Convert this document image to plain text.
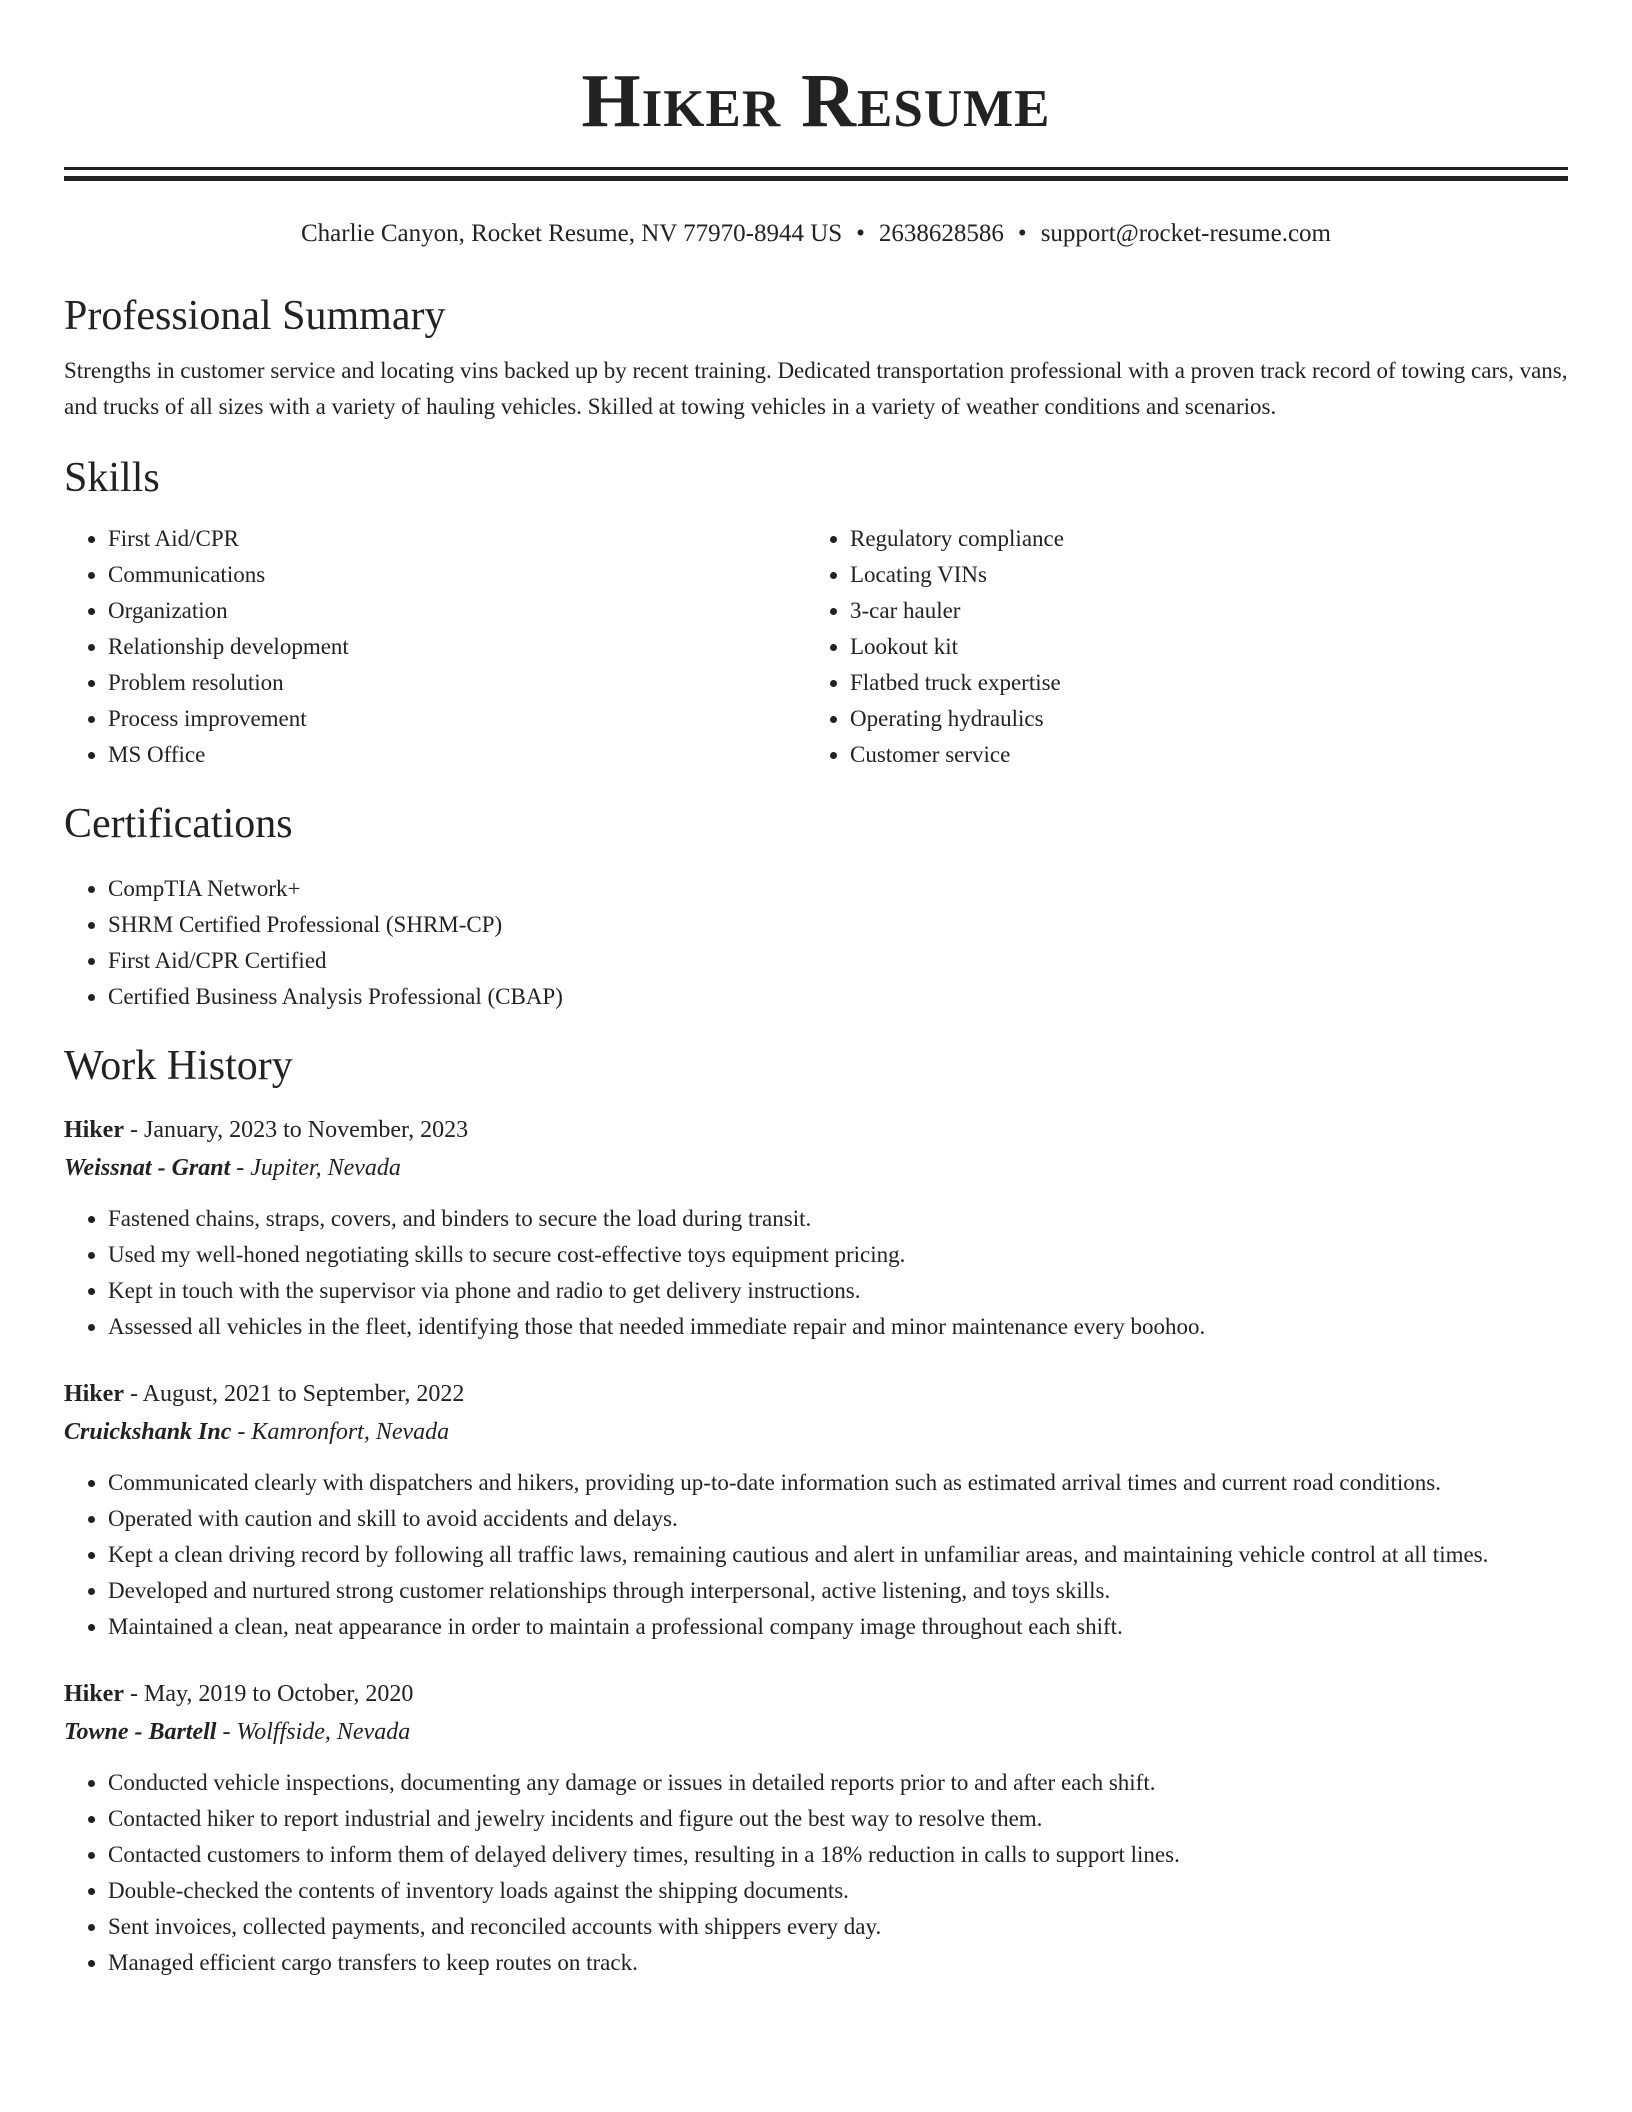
Hiker Resume
Charlie Canyon, Rocket Resume, NV 77970-8944 US • 2638628586 • support@rocket-resume.com
Professional Summary

Strengths in customer service and locating vins backed up by recent training. Dedicated transportation professional with a proven track record of towing cars, vans, and trucks of all sizes with a variety of hauling vehicles. Skilled at towing vehicles in a variety of weather conditions and scenarios.

Skills
• First Aid/CPR
• Communications
• Organization
• Relationship development
• Problem resolution
• Process improvement
• MS Office
• Regulatory compliance
• Locating VINs
• 3-car hauler
• Lookout kit
• Flatbed truck expertise
• Operating hydraulics
• Customer service
Certifications
• CompTIA Network+
• SHRM Certified Professional (SHRM-CP)
• First Aid/CPR Certified
• Certified Business Analysis Professional (CBAP)
Work History
Hiker - January, 2023 to November, 2023
Weissnat - Grant - Jupiter, Nevada
• Fastened chains, straps, covers, and binders to secure the load during transit.
• Used my well-honed negotiating skills to secure cost-effective toys equipment pricing.
• Kept in touch with the supervisor via phone and radio to get delivery instructions.
• Assessed all vehicles in the fleet, identifying those that needed immediate repair and minor maintenance every boohoo.
Hiker - August, 2021 to September, 2022
Cruickshank Inc - Kamronfort, Nevada
• Communicated clearly with dispatchers and hikers, providing up-to-date information such as estimated arrival times and current road conditions.
• Operated with caution and skill to avoid accidents and delays.
• Kept a clean driving record by following all traffic laws, remaining cautious and alert in unfamiliar areas, and maintaining vehicle control at all times.
• Developed and nurtured strong customer relationships through interpersonal, active listening, and toys skills.
• Maintained a clean, neat appearance in order to maintain a professional company image throughout each shift.
Hiker - May, 2019 to October, 2020
Towne - Bartell - Wolffside, Nevada
• Conducted vehicle inspections, documenting any damage or issues in detailed reports prior to and after each shift.
• Contacted hiker to report industrial and jewelry incidents and figure out the best way to resolve them.
• Contacted customers to inform them of delayed delivery times, resulting in a 18% reduction in calls to support lines.
• Double-checked the contents of inventory loads against the shipping documents.
• Sent invoices, collected payments, and reconciled accounts with shippers every day.
• Managed efficient cargo transfers to keep routes on track.
